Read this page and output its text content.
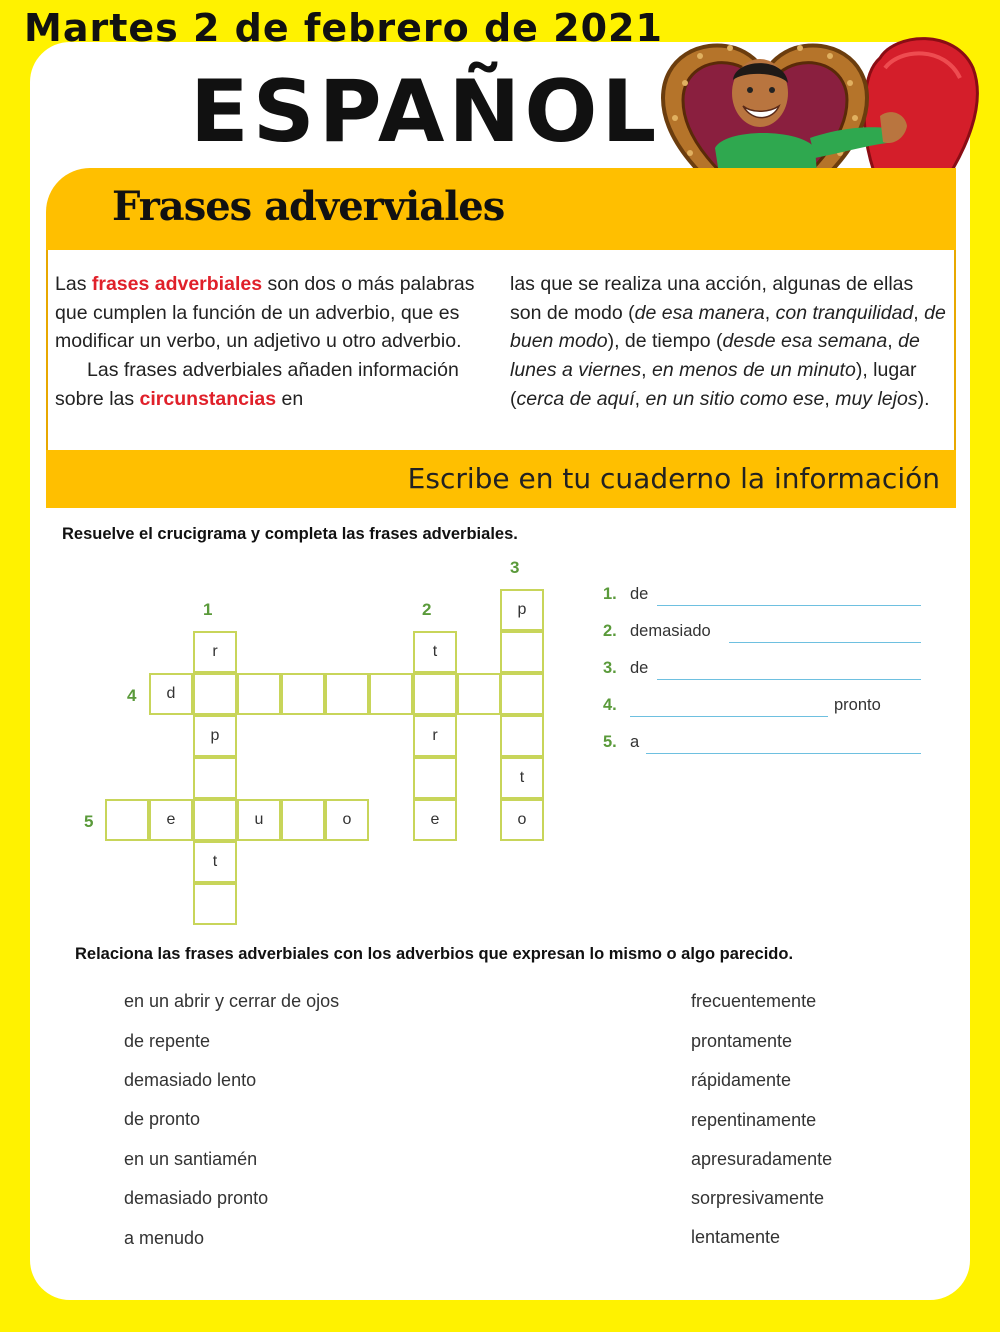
Martes 2 de febrero de 2021
ESPAÑOL
Frases adverviales
Las frases adverbiales son dos o más palabras que cumplen la función de un adverbio, que es modificar un verbo, un adjetivo u otro adverbio.
Las frases adverbiales añaden información sobre las circunstancias en
las que se realiza una acción, algunas de ellas son de modo (de esa manera, con tranquilidad, de buen modo), de tiempo (desde esa semana, de lunes a viernes, en menos de un minuto), lugar (cerca de aquí, en un sitio como ese, muy lejos).
Escribe en tu cuaderno la información
Resuelve el crucigrama y completa las frases adverbiales.
1	2
3
4
5
r
p
t
d
t
r
e
p
t
o
e	u	o
1. de
2. demasiado
3. de
4.	pronto
5. a
Relaciona las frases adverbiales con los adverbios que expresan lo mismo o algo parecido.
en un abrir y cerrar de ojos
de repente
demasiado lento
de pronto
en un santiamén
demasiado pronto
a menudo
frecuentemente
prontamente
rápidamente
repentinamente
apresuradamente
sorpresivamente
lentamente
